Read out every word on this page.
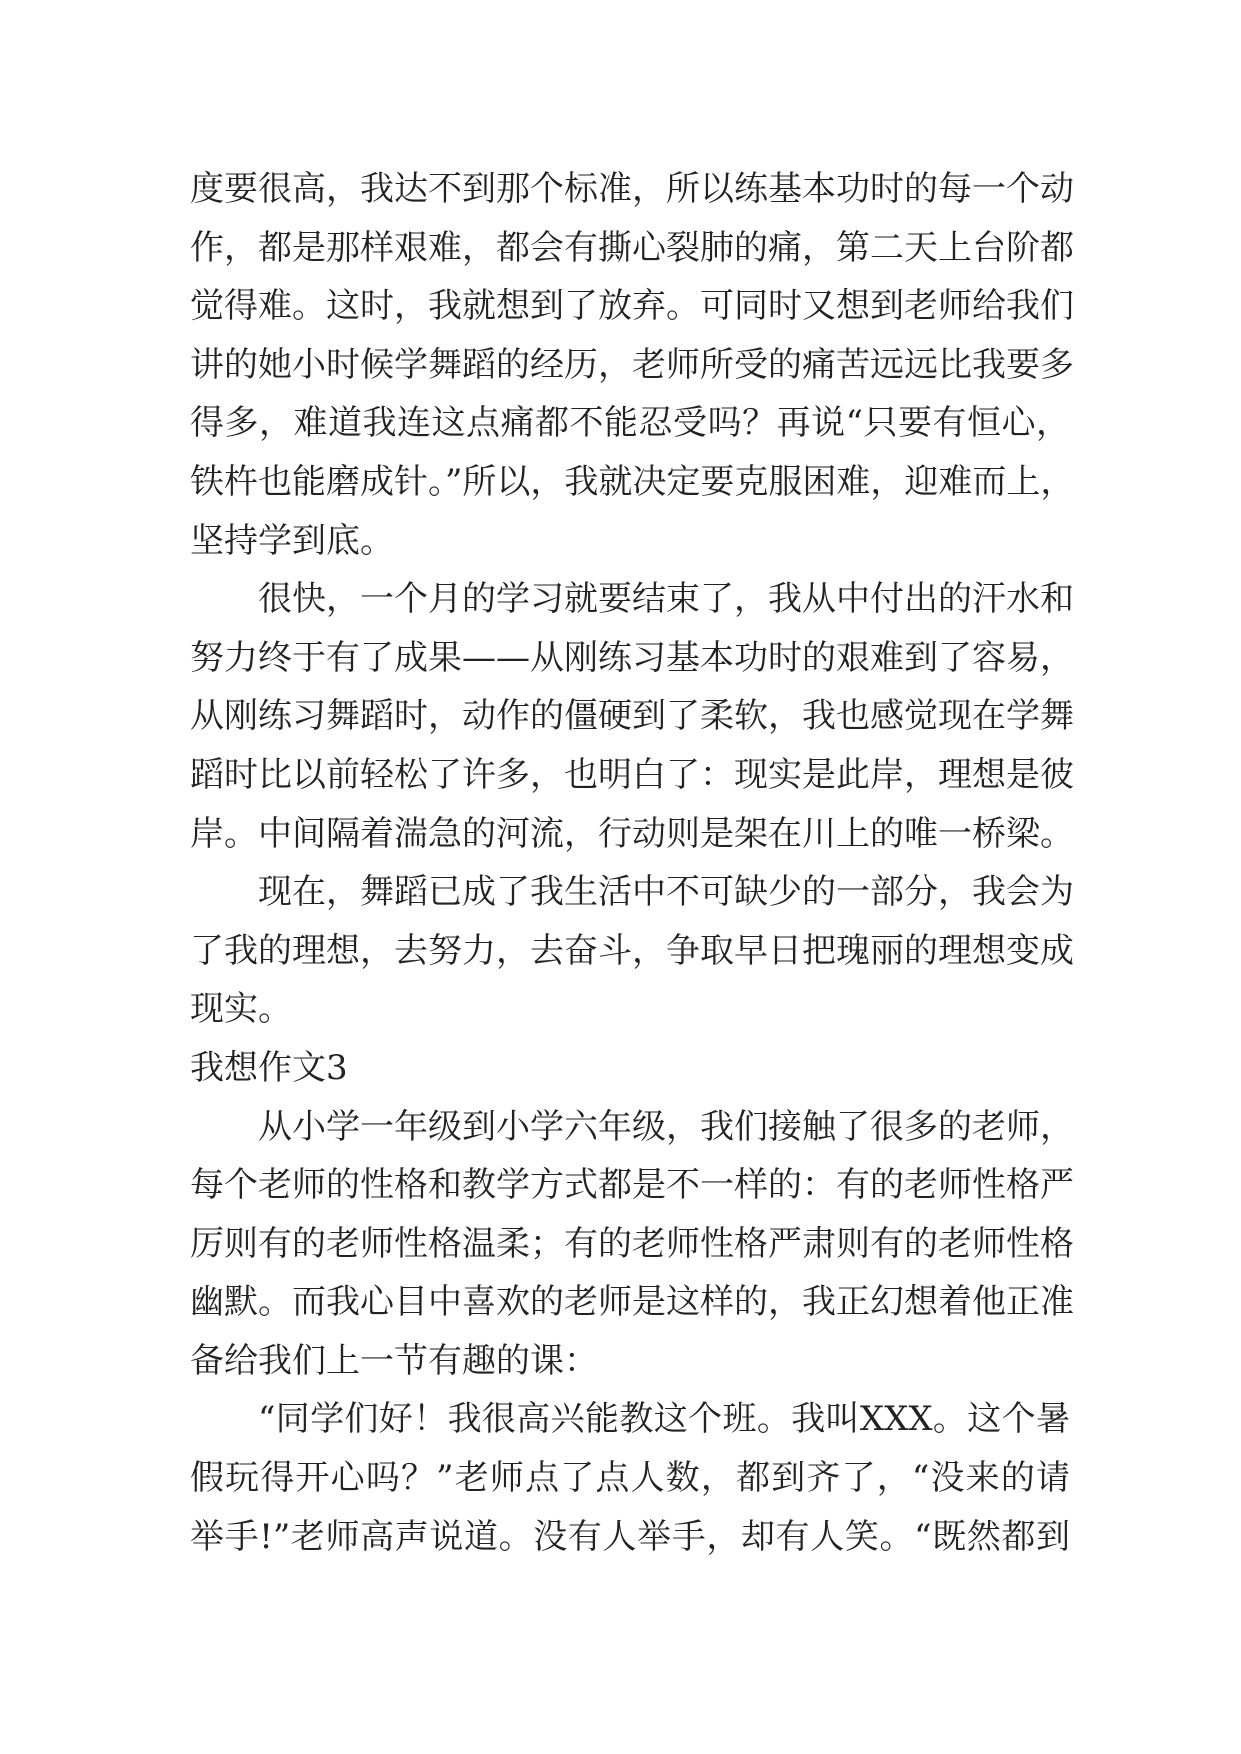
度要很高，我达不到那个标准，所以练基本功时的每一个动
作，都是那样艰难，都会有撕心裂肺的痛，第二天上台阶都
觉得难。这时，我就想到了放弃。可同时又想到老师给我们
讲的她小时候学舞蹈的经历，老师所受的痛苦远远比我要多
得多，难道我连这点痛都不能忍受吗？再说“只要有恒心，
铁杵也能磨成针。”所以，我就决定要克服困难，迎难而上，
坚持学到底。
很快，一个月的学习就要结束了，我从中付出的汗水和
努力终于有了成果——从刚练习基本功时的艰难到了容易，
从刚练习舞蹈时，动作的僵硬到了柔软，我也感觉现在学舞
蹈时比以前轻松了许多，也明白了：现实是此岸，理想是彼
岸。中间隔着湍急的河流，行动则是架在川上的唯一桥梁。
现在，舞蹈已成了我生活中不可缺少的一部分，我会为
了我的理想，去努力，去奋斗，争取早日把瑰丽的理想变成
现实。
我想作文3
从小学一年级到小学六年级，我们接触了很多的老师，
每个老师的性格和教学方式都是不一样的：有的老师性格严
厉则有的老师性格温柔；有的老师性格严肃则有的老师性格
幽默。而我心目中喜欢的老师是这样的，我正幻想着他正准
备给我们上一节有趣的课：
“同学们好！我很高兴能教这个班。我叫XXX。这个暑
假玩得开心吗？”老师点了点人数，都到齐了，“没来的请
举手!”老师高声说道。没有人举手，却有人笑。“既然都到
